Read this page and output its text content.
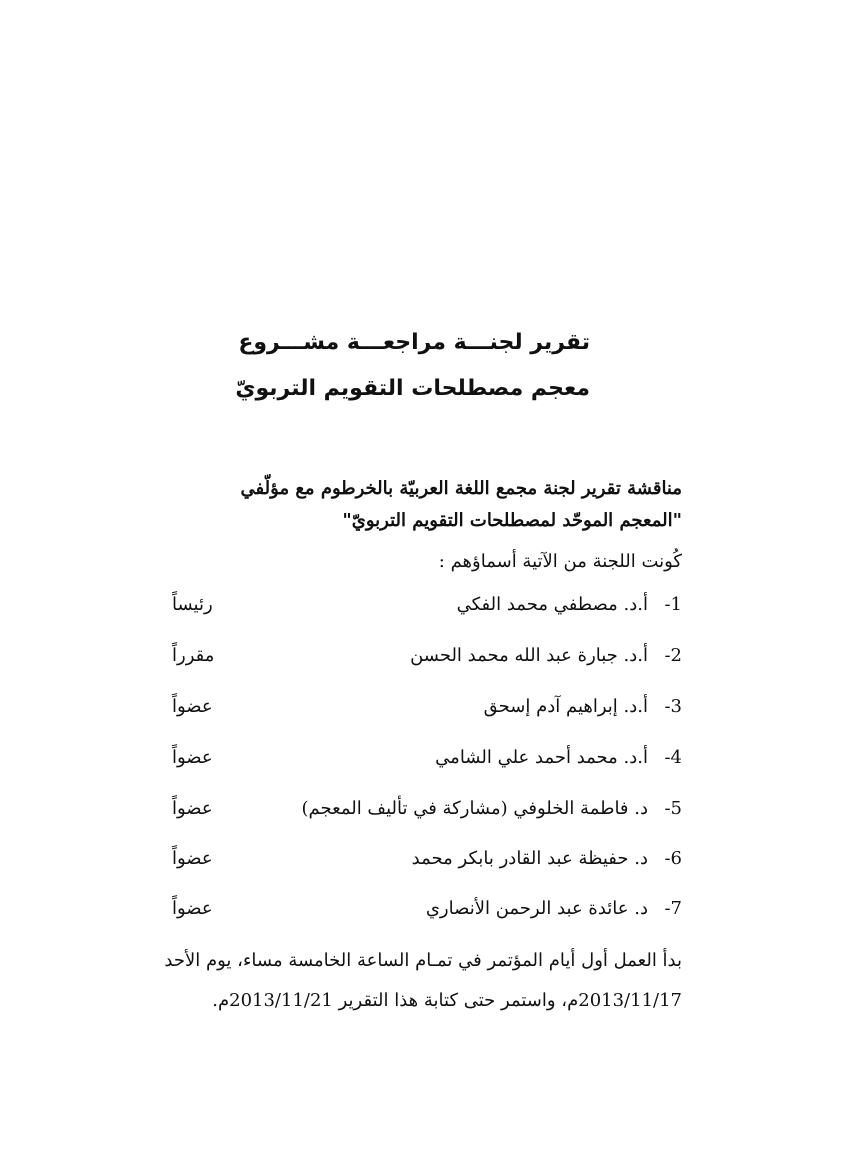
تقرير لجنـــة مراجعـــة مشـــروع
معجم مصطلحات التقويم التربويّ
مناقشة تقرير لجنة مجمع اللغة العربيّة بالخرطوم مع مؤلّفي
"المعجم الموحّد لمصطلحات التقويم التربويّ"
كُونت اللجنة من الآتية أسماؤهم :
1-
أ.د. مصطفي محمد الفكي
رئيساً
2-
أ.د. جبارة عبد الله محمد الحسن
مقرراً
3-
أ.د. إبراهيم آدم إسحق
عضواً
4-
أ.د. محمد أحمد علي الشامي
عضواً
5-
د. فاطمة الخلوفي (مشاركة في تأليف المعجم)
عضواً
6-
د. حفيظة عبد القادر بابكر محمد
عضواً
7-
د. عائدة عبد الرحمن الأنصاري
عضواً
بدأ العمل أول أيام المؤتمر في تمـام الساعة الخامسة مساء، يوم الأحد
2013/11/17م، واستمر حتى كتابة هذا التقرير 2013/11/21م.
